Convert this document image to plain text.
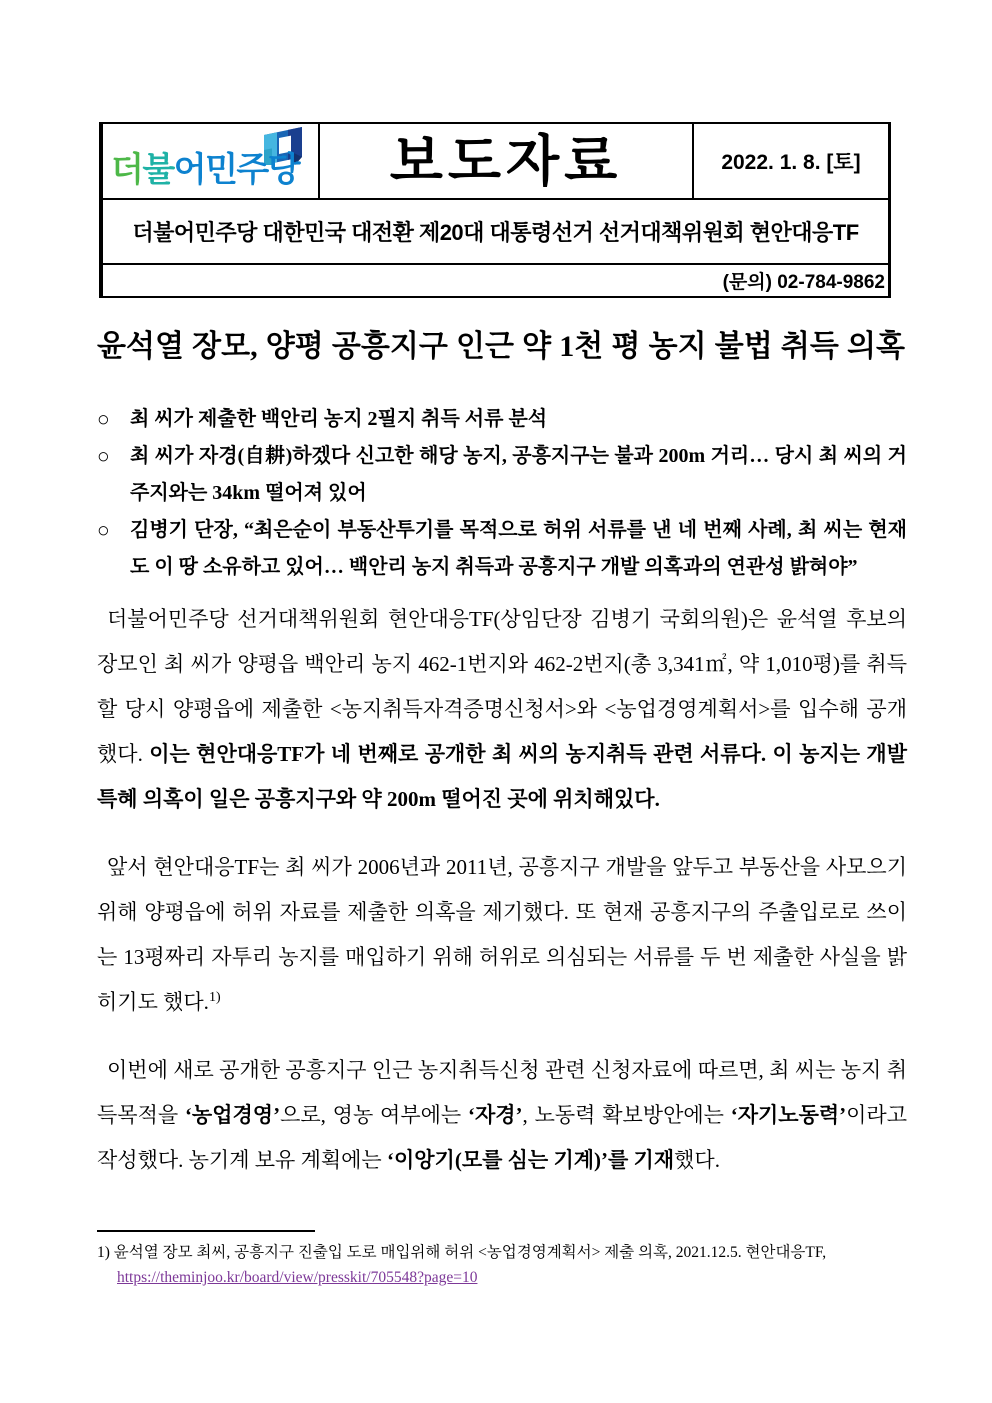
더불어민주당 보도자료	2022. 1. 8. [토]
더불어민주당 대한민국 대전환 제20대 대통령선거 선거대책위원회 현안대응TF
(문의) 02-784-9862
윤석열 장모, 양평 공흥지구 인근 약 1천 평 농지 불법 취득 의혹
○ 최 씨가 제출한 백안리 농지 2필지 취득 서류 분석
○ 최 씨가 자경(自耕)하겠다 신고한 해당 농지, 공흥지구는 불과 200m 거리… 당시 최 씨의 거주지와는 34km 떨어져 있어
○ 김병기 단장, “최은순이 부동산투기를 목적으로 허위 서류를 낸 네 번째 사례, 최 씨는 현재도 이 땅 소유하고 있어… 백안리 농지 취득과 공흥지구 개발 의혹과의 연관성 밝혀야”

더불어민주당 선거대책위원회 현안대응TF(상임단장 김병기 국회의원)은 윤석열 후보의 장모인 최 씨가 양평읍 백안리 농지 462-1번지와 462-2번지(총 3,341㎡, 약 1,010평)를 취득할 당시 양평읍에 제출한 <농지취득자격증명신청서>와 <농업경영계획서>를 입수해 공개했다. 이는 현안대응TF가 네 번째로 공개한 최 씨의 농지취득 관련 서류다. 이 농지는 개발 특혜 의혹이 일은 공흥지구와 약 200m 떨어진 곳에 위치해있다.

앞서 현안대응TF는 최 씨가 2006년과 2011년, 공흥지구 개발을 앞두고 부동산을 사모으기 위해 양평읍에 허위 자료를 제출한 의혹을 제기했다. 또 현재 공흥지구의 주출입로로 쓰이는 13평짜리 자투리 농지를 매입하기 위해 허위로 의심되는 서류를 두 번 제출한 사실을 밝히기도 했다.$^{1)}$

이번에 새로 공개한 공흥지구 인근 농지취득신청 관련 신청자료에 따르면, 최 씨는 농지 취득목적을 ‘농업경영’으로, 영농 여부에는 ‘자경’, 노동력 확보방안에는 ‘자기노동력’이라고 작성했다. 농기계 보유 계획에는 ‘이앙기(모를 심는 기계)’를 기재했다.

1) 윤석열 장모 최씨, 공흥지구 진출입 도로 매입위해 허위 <농업경영계획서> 제출 의혹, 2021.12.5. 현안대응TF,
https://theminjoo.kr/board/view/presskit/705548?page=10
